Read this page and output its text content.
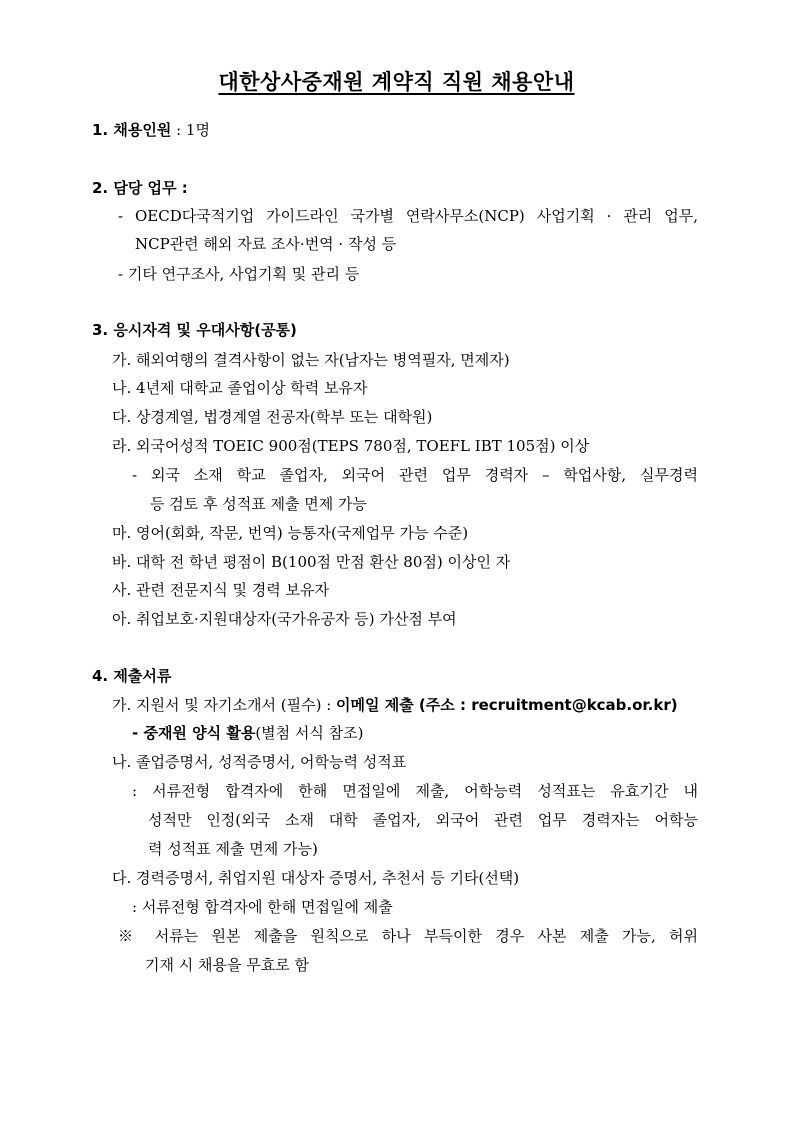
대한상사중재원 계약직 직원 채용안내
1. 채용인원 : 1명
2. 담당 업무 :
- OECD다국적기업 가이드라인 국가별 연락사무소(NCP) 사업기획 · 관리 업무,
NCP관련 해외 자료 조사·번역 · 작성 등
- 기타 연구조사, 사업기획 및 관리 등
3. 응시자격 및 우대사항(공통)
가. 해외여행의 결격사항이 없는 자(남자는 병역필자, 면제자)
나. 4년제 대학교 졸업이상 학력 보유자
다. 상경계열, 법경계열 전공자(학부 또는 대학원)
라. 외국어성적 TOEIC 900점(TEPS 780점, TOEFL IBT 105점) 이상
- 외국 소재 학교 졸업자, 외국어 관련 업무 경력자 – 학업사항, 실무경력
등 검토 후 성적표 제출 면제 가능
마. 영어(회화, 작문, 번역) 능통자(국제업무 가능 수준)
바. 대학 전 학년 평점이 B(100점 만점 환산 80점) 이상인 자
사. 관련 전문지식 및 경력 보유자
아. 취업보호·지원대상자(국가유공자 등) 가산점 부여
4. 제출서류
가. 지원서 및 자기소개서 (필수) : 이메일 제출 (주소 : recruitment@kcab.or.kr)
- 중재원 양식 활용(별첨 서식 참조)
나. 졸업증명서, 성적증명서, 어학능력 성적표
: 서류전형 합격자에 한해 면접일에 제출, 어학능력 성적표는 유효기간 내
성적만 인정(외국 소재 대학 졸업자, 외국어 관련 업무 경력자는 어학능
력 성적표 제출 면제 가능)
다. 경력증명서, 취업지원 대상자 증명서, 추천서 등 기타(선택)
: 서류전형 합격자에 한해 면접일에 제출
※ 서류는 원본 제출을 원칙으로 하나 부득이한 경우 사본 제출 가능, 허위
기재 시 채용을 무효로 함
